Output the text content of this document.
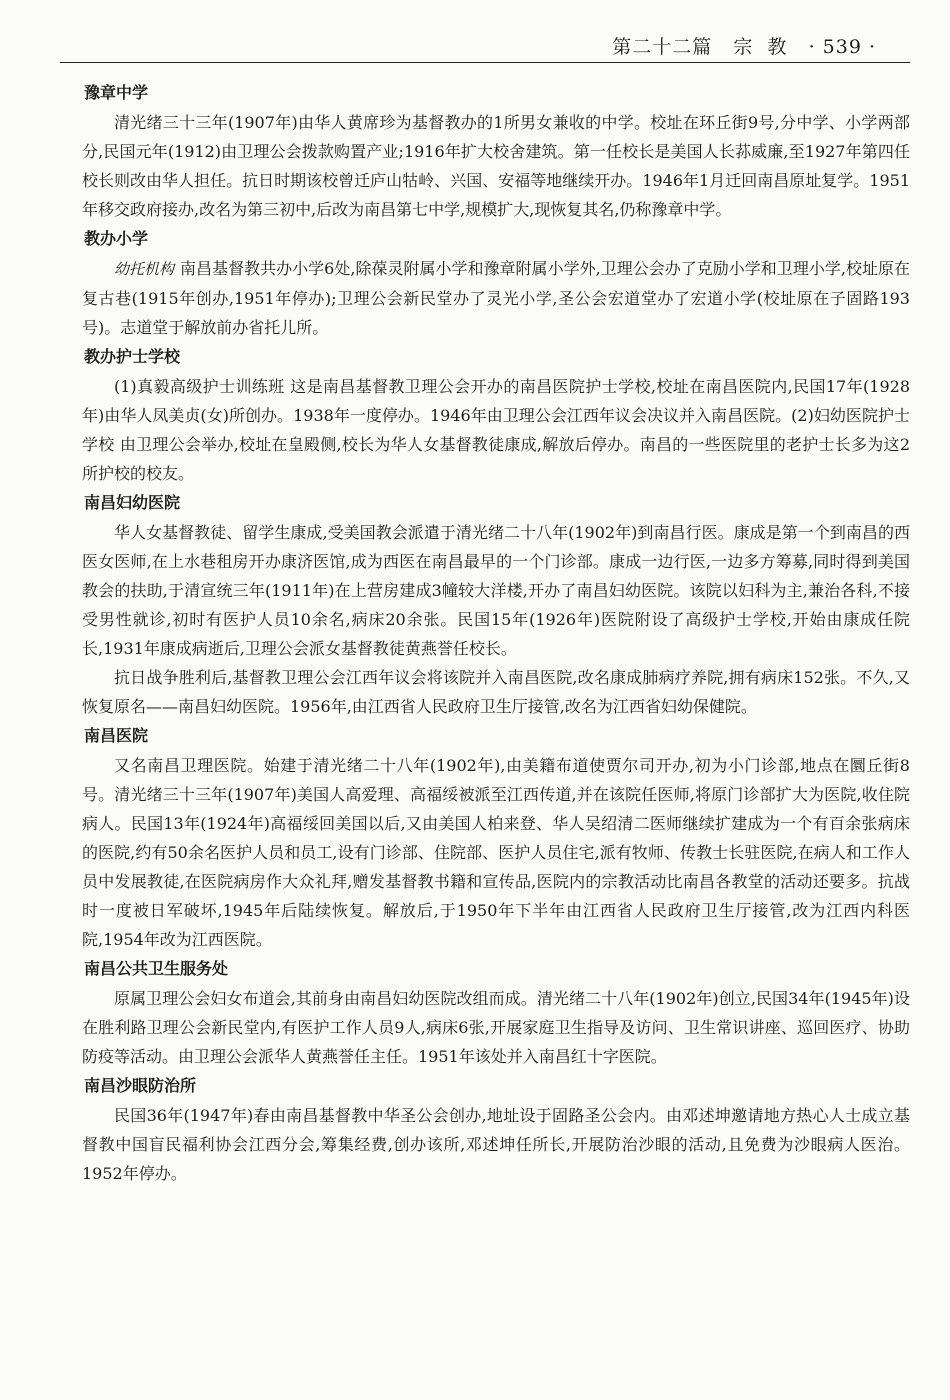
第二十二篇 宗  教 · 539 ·
豫章中学

清光绪三十三年(1907年)由华人黄席珍为基督教办的1所男女兼收的中学。校址在环丘街9号,分中学、小学两部分,民国元年(1912)由卫理公会拨款购置产业;1916年扩大校舍建筑。第一任校长是美国人长荪威廉,至1927年第四任校长则改由华人担任。抗日时期该校曾迁庐山牯岭、兴国、安福等地继续开办。1946年1月迁回南昌原址复学。1951年移交政府接办,改名为第三初中,后改为南昌第七中学,规模扩大,现恢复其名,仍称豫章中学。

教办小学

幼托机构 南昌基督教共办小学6处,除葆灵附属小学和豫章附属小学外,卫理公会办了克励小学和卫理小学,校址原在复古巷(1915年创办,1951年停办);卫理公会新民堂办了灵光小学,圣公会宏道堂办了宏道小学(校址原在子固路193号)。志道堂于解放前办省托儿所。

教办护士学校

(1)真毅高级护士训练班 这是南昌基督教卫理公会开办的南昌医院护士学校,校址在南昌医院内,民国17年(1928年)由华人凤美贞(女)所创办。1938年一度停办。1946年由卫理公会江西年议会决议并入南昌医院。(2)妇幼医院护士学校 由卫理公会举办,校址在皇殿侧,校长为华人女基督教徒康成,解放后停办。南昌的一些医院里的老护士长多为这2所护校的校友。

南昌妇幼医院

华人女基督教徒、留学生康成,受美国教会派遣于清光绪二十八年(1902年)到南昌行医。康成是第一个到南昌的西医女医师,在上水巷租房开办康济医馆,成为西医在南昌最早的一个门诊部。康成一边行医,一边多方筹募,同时得到美国教会的扶助,于清宣统三年(1911年)在上营房建成3幢较大洋楼,开办了南昌妇幼医院。该院以妇科为主,兼治各科,不接受男性就诊,初时有医护人员10余名,病床20余张。民国15年(1926年)医院附设了高级护士学校,开始由康成任院长,1931年康成病逝后,卫理公会派女基督教徒黄燕誉任校长。

抗日战争胜利后,基督教卫理公会江西年议会将该院并入南昌医院,改名康成肺病疗养院,拥有病床152张。不久,又恢复原名——南昌妇幼医院。1956年,由江西省人民政府卫生厅接管,改名为江西省妇幼保健院。

南昌医院

又名南昌卫理医院。始建于清光绪二十八年(1902年),由美籍布道使贾尔司开办,初为小门诊部,地点在圜丘街8号。清光绪三十三年(1907年)美国人高爱理、高福绥被派至江西传道,并在该院任医师,将原门诊部扩大为医院,收住院病人。民国13年(1924年)高福绥回美国以后,又由美国人柏来登、华人吴绍清二医师继续扩建成为一个有百余张病床的医院,约有50余名医护人员和员工,设有门诊部、住院部、医护人员住宅,派有牧师、传教士长驻医院,在病人和工作人员中发展教徒,在医院病房作大众礼拜,赠发基督教书籍和宣传品,医院内的宗教活动比南昌各教堂的活动还要多。抗战时一度被日军破坏,1945年后陆续恢复。解放后,于1950年下半年由江西省人民政府卫生厅接管,改为江西内科医院,1954年改为江西医院。

南昌公共卫生服务处

原属卫理公会妇女布道会,其前身由南昌妇幼医院改组而成。清光绪二十八年(1902年)创立,民国34年(1945年)设在胜利路卫理公会新民堂内,有医护工作人员9人,病床6张,开展家庭卫生指导及访问、卫生常识讲座、巡回医疗、协助防疫等活动。由卫理公会派华人黄燕誉任主任。1951年该处并入南昌红十字医院。

南昌沙眼防治所

民国36年(1947年)春由南昌基督教中华圣公会创办,地址设于固路圣公会内。由邓述坤邀请地方热心人士成立基督教中国盲民福利协会江西分会,筹集经费,创办该所,邓述坤任所长,开展防治沙眼的活动,且免费为沙眼病人医治。1952年停办。
